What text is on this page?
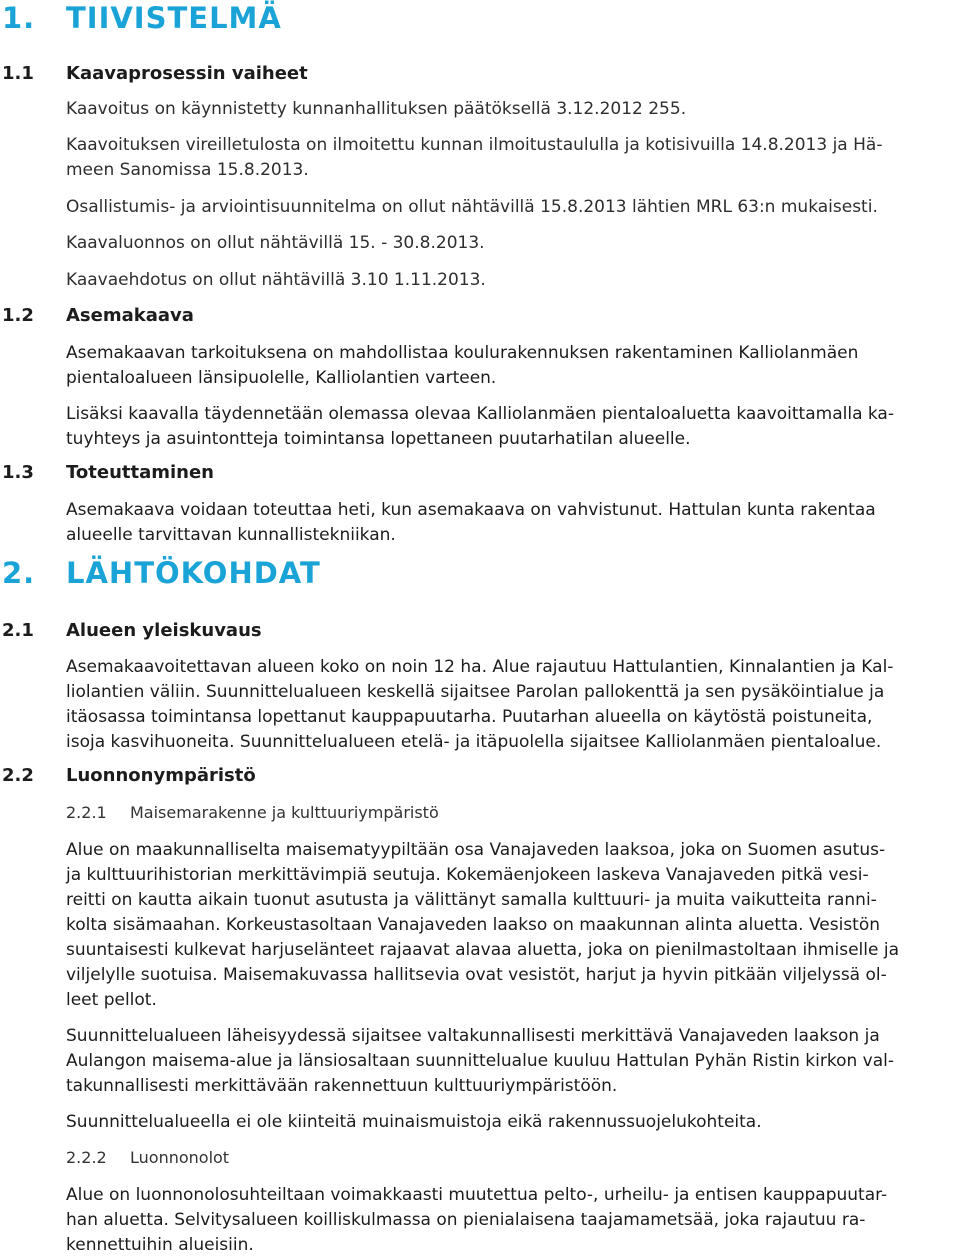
1. TIIVISTELMÄ
1.1 Kaavaprosessin vaiheet
Kaavoitus on käynnistetty kunnanhallituksen päätöksellä 3.12.2012 255.
Kaavoituksen vireilletulosta on ilmoitettu kunnan ilmoitustaululla ja kotisivuilla 14.8.2013 ja Hä-
meen Sanomissa 15.8.2013.
Osallistumis- ja arviointisuunnitelma on ollut nähtävillä 15.8.2013 lähtien MRL 63:n mukaisesti.
Kaavaluonnos on ollut nähtävillä 15. - 30.8.2013.
Kaavaehdotus on ollut nähtävillä 3.10 1.11.2013.
1.2 Asemakaava
Asemakaavan tarkoituksena on mahdollistaa koulurakennuksen rakentaminen Kalliolanmäen
pientaloalueen länsipuolelle, Kalliolantien varteen.
Lisäksi kaavalla täydennetään olemassa olevaa Kalliolanmäen pientaloaluetta kaavoittamalla ka-
tuyhteys ja asuintontteja toimintansa lopettaneen puutarhatilan alueelle.
1.3 Toteuttaminen
Asemakaava voidaan toteuttaa heti, kun asemakaava on vahvistunut. Hattulan kunta rakentaa
alueelle tarvittavan kunnallistekniikan.
2. LÄHTÖKOHDAT
2.1 Alueen yleiskuvaus
Asemakaavoitettavan alueen koko on noin 12 ha. Alue rajautuu Hattulantien, Kinnalantien ja Kal-
liolantien väliin. Suunnittelualueen keskellä sijaitsee Parolan pallokenttä ja sen pysäköintialue ja
itäosassa toimintansa lopettanut kauppapuutarha. Puutarhan alueella on käytöstä poistuneita,
isoja kasvihuoneita. Suunnittelualueen etelä- ja itäpuolella sijaitsee Kalliolanmäen pientaloalue.
2.2 Luonnonympäristö
2.2.1 Maisemarakenne ja kulttuuriympäristö
Alue on maakunnalliselta maisematyypiltään osa Vanajaveden laaksoa, joka on Suomen asutus-
ja kulttuurihistorian merkittävimpiä seutuja. Kokemäenjokeen laskeva Vanajaveden pitkä vesi-
reitti on kautta aikain tuonut asutusta ja välittänyt samalla kulttuuri- ja muita vaikutteita ranni-
kolta sisämaahan. Korkeustasoltaan Vanajaveden laakso on maakunnan alinta aluetta. Vesistön
suuntaisesti kulkevat harjuselänteet rajaavat alavaa aluetta, joka on pienilmastoltaan ihmiselle ja
viljelylle suotuisa. Maisemakuvassa hallitsevia ovat vesistöt, harjut ja hyvin pitkään viljelyssä ol-
leet pellot.
Suunnittelualueen läheisyydessä sijaitsee valtakunnallisesti merkittävä Vanajaveden laakson ja
Aulangon maisema-alue ja länsiosaltaan suunnittelualue kuuluu Hattulan Pyhän Ristin kirkon val-
takunnallisesti merkittävään rakennettuun kulttuuriympäristöön.
Suunnittelualueella ei ole kiinteitä muinaismuistoja eikä rakennussuojelukohteita.
2.2.2 Luonnonolot
Alue on luonnonolosuhteiltaan voimakkaasti muutettua pelto-, urheilu- ja entisen kauppapuutar-
han aluetta. Selvitysalueen koilliskulmassa on pienialaisena taajamametsää, joka rajautuu ra-
kennettuihin alueisiin.
